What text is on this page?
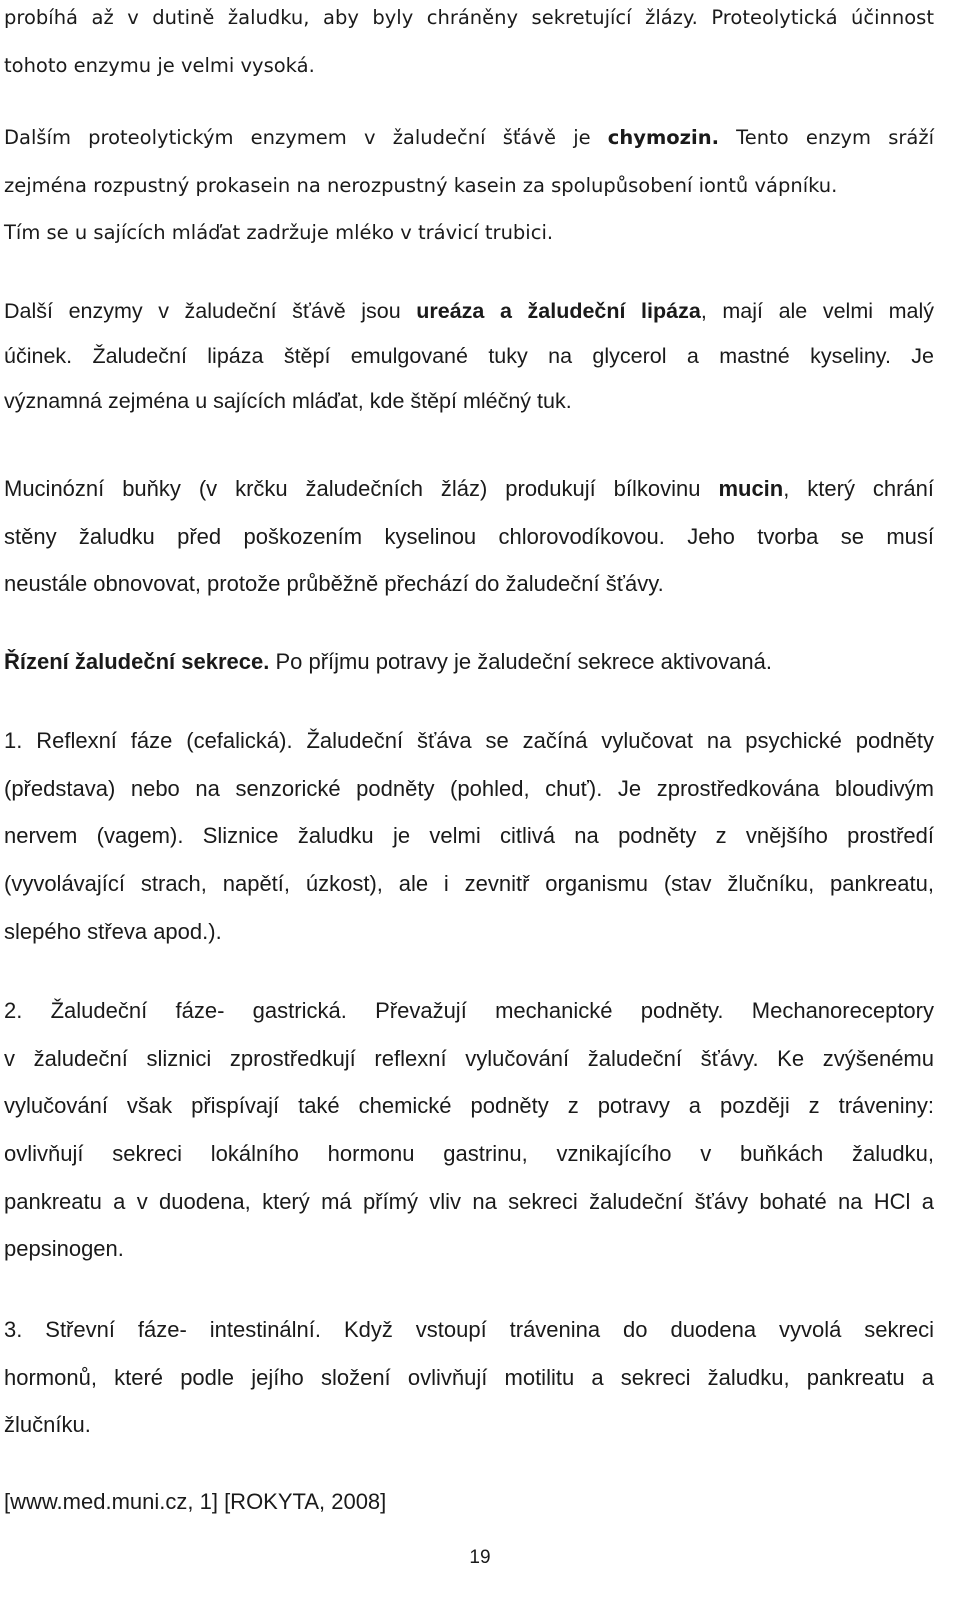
probíhá až v dutině žaludku, aby byly chráněny sekretující žlázy. Proteolytická účinnost
tohoto enzymu je velmi vysoká.
Dalším proteolytickým enzymem v žaludeční šťávě je chymozin. Tento enzym sráží
zejména rozpustný prokasein na nerozpustný kasein za spolupůsobení iontů vápníku.
Tím se u sajících mláďat zadržuje mléko v trávicí trubici.
Další enzymy v žaludeční šťávě jsou ureáza a žaludeční lipáza, mají ale velmi malý
účinek. Žaludeční lipáza štěpí emulgované tuky na glycerol a mastné kyseliny. Je
významná zejména u sajících mláďat, kde štěpí mléčný tuk.
Mucinózní buňky (v krčku žaludečních žláz) produkují bílkovinu mucin, který chrání
stěny žaludku před poškozením kyselinou chlorovodíkovou. Jeho tvorba se musí
neustále obnovovat, protože průběžně přechází do žaludeční šťávy.
Řízení žaludeční sekrece. Po příjmu potravy je žaludeční sekrece aktivovaná.
1. Reflexní fáze (cefalická). Žaludeční šťáva se začíná vylučovat na psychické podněty
(představa) nebo na senzorické podněty (pohled, chuť). Je zprostředkována bloudivým
nervem (vagem). Sliznice žaludku je velmi citlivá na podněty z vnějšího prostředí
(vyvolávající strach, napětí, úzkost), ale i zevnitř organismu (stav žlučníku, pankreatu,
slepého střeva apod.).
2. Žaludeční fáze- gastrická. Převažují mechanické podněty. Mechanoreceptory
v žaludeční sliznici zprostředkují reflexní vylučování žaludeční šťávy. Ke zvýšenému
vylučování však přispívají také chemické podněty z potravy a později z tráveniny:
ovlivňují sekreci lokálního hormonu gastrinu, vznikajícího v buňkách žaludku,
pankreatu a v duodena, který má přímý vliv na sekreci žaludeční šťávy bohaté na HCl a
pepsinogen.
3. Střevní fáze- intestinální. Když vstoupí trávenina do duodena vyvolá sekreci
hormonů, které podle jejího složení ovlivňují motilitu a sekreci žaludku, pankreatu a
žlučníku.
[www.med.muni.cz, 1] [ROKYTA, 2008]
19
